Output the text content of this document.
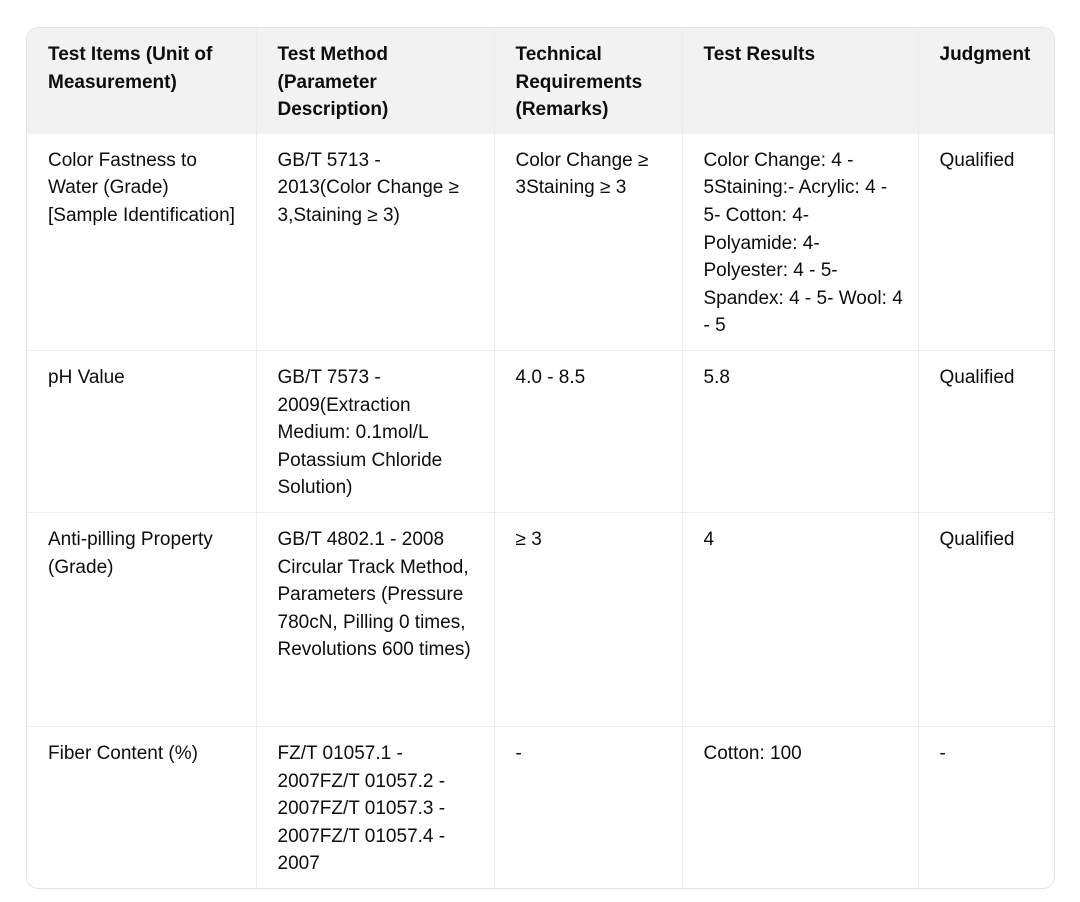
Test Items (Unit of Measurement)	Test Method (Parameter Description)	Technical Requirements (Remarks)	Test Results	Judgment
Color Fastness to Water (Grade) [Sample Identification]	GB/T 5713 - 2013(Color Change ≥ 3,Staining ≥ 3)	Color Change ≥ 3Staining ≥ 3	Color Change: 4 - 5Staining:- Acrylic: 4 - 5- Cotton: 4- Polyamide: 4- Polyester: 4 - 5- Spandex: 4 - 5- Wool: 4 - 5	Qualified
pH Value	GB/T 7573 - 2009(Extraction Medium: 0.1mol/L Potassium Chloride Solution)	4.0 - 8.5	5.8	Qualified
Anti-pilling Property (Grade)	GB/T 4802.1 - 2008 Circular Track Method, Parameters (Pressure 780cN, Pilling 0 times, Revolutions 600 times)	≥ 3	4	Qualified
Fiber Content (%)	FZ/T 01057.1 - 2007FZ/T 01057.2 - 2007FZ/T 01057.3 - 2007FZ/T 01057.4 - 2007	-	Cotton: 100	-
